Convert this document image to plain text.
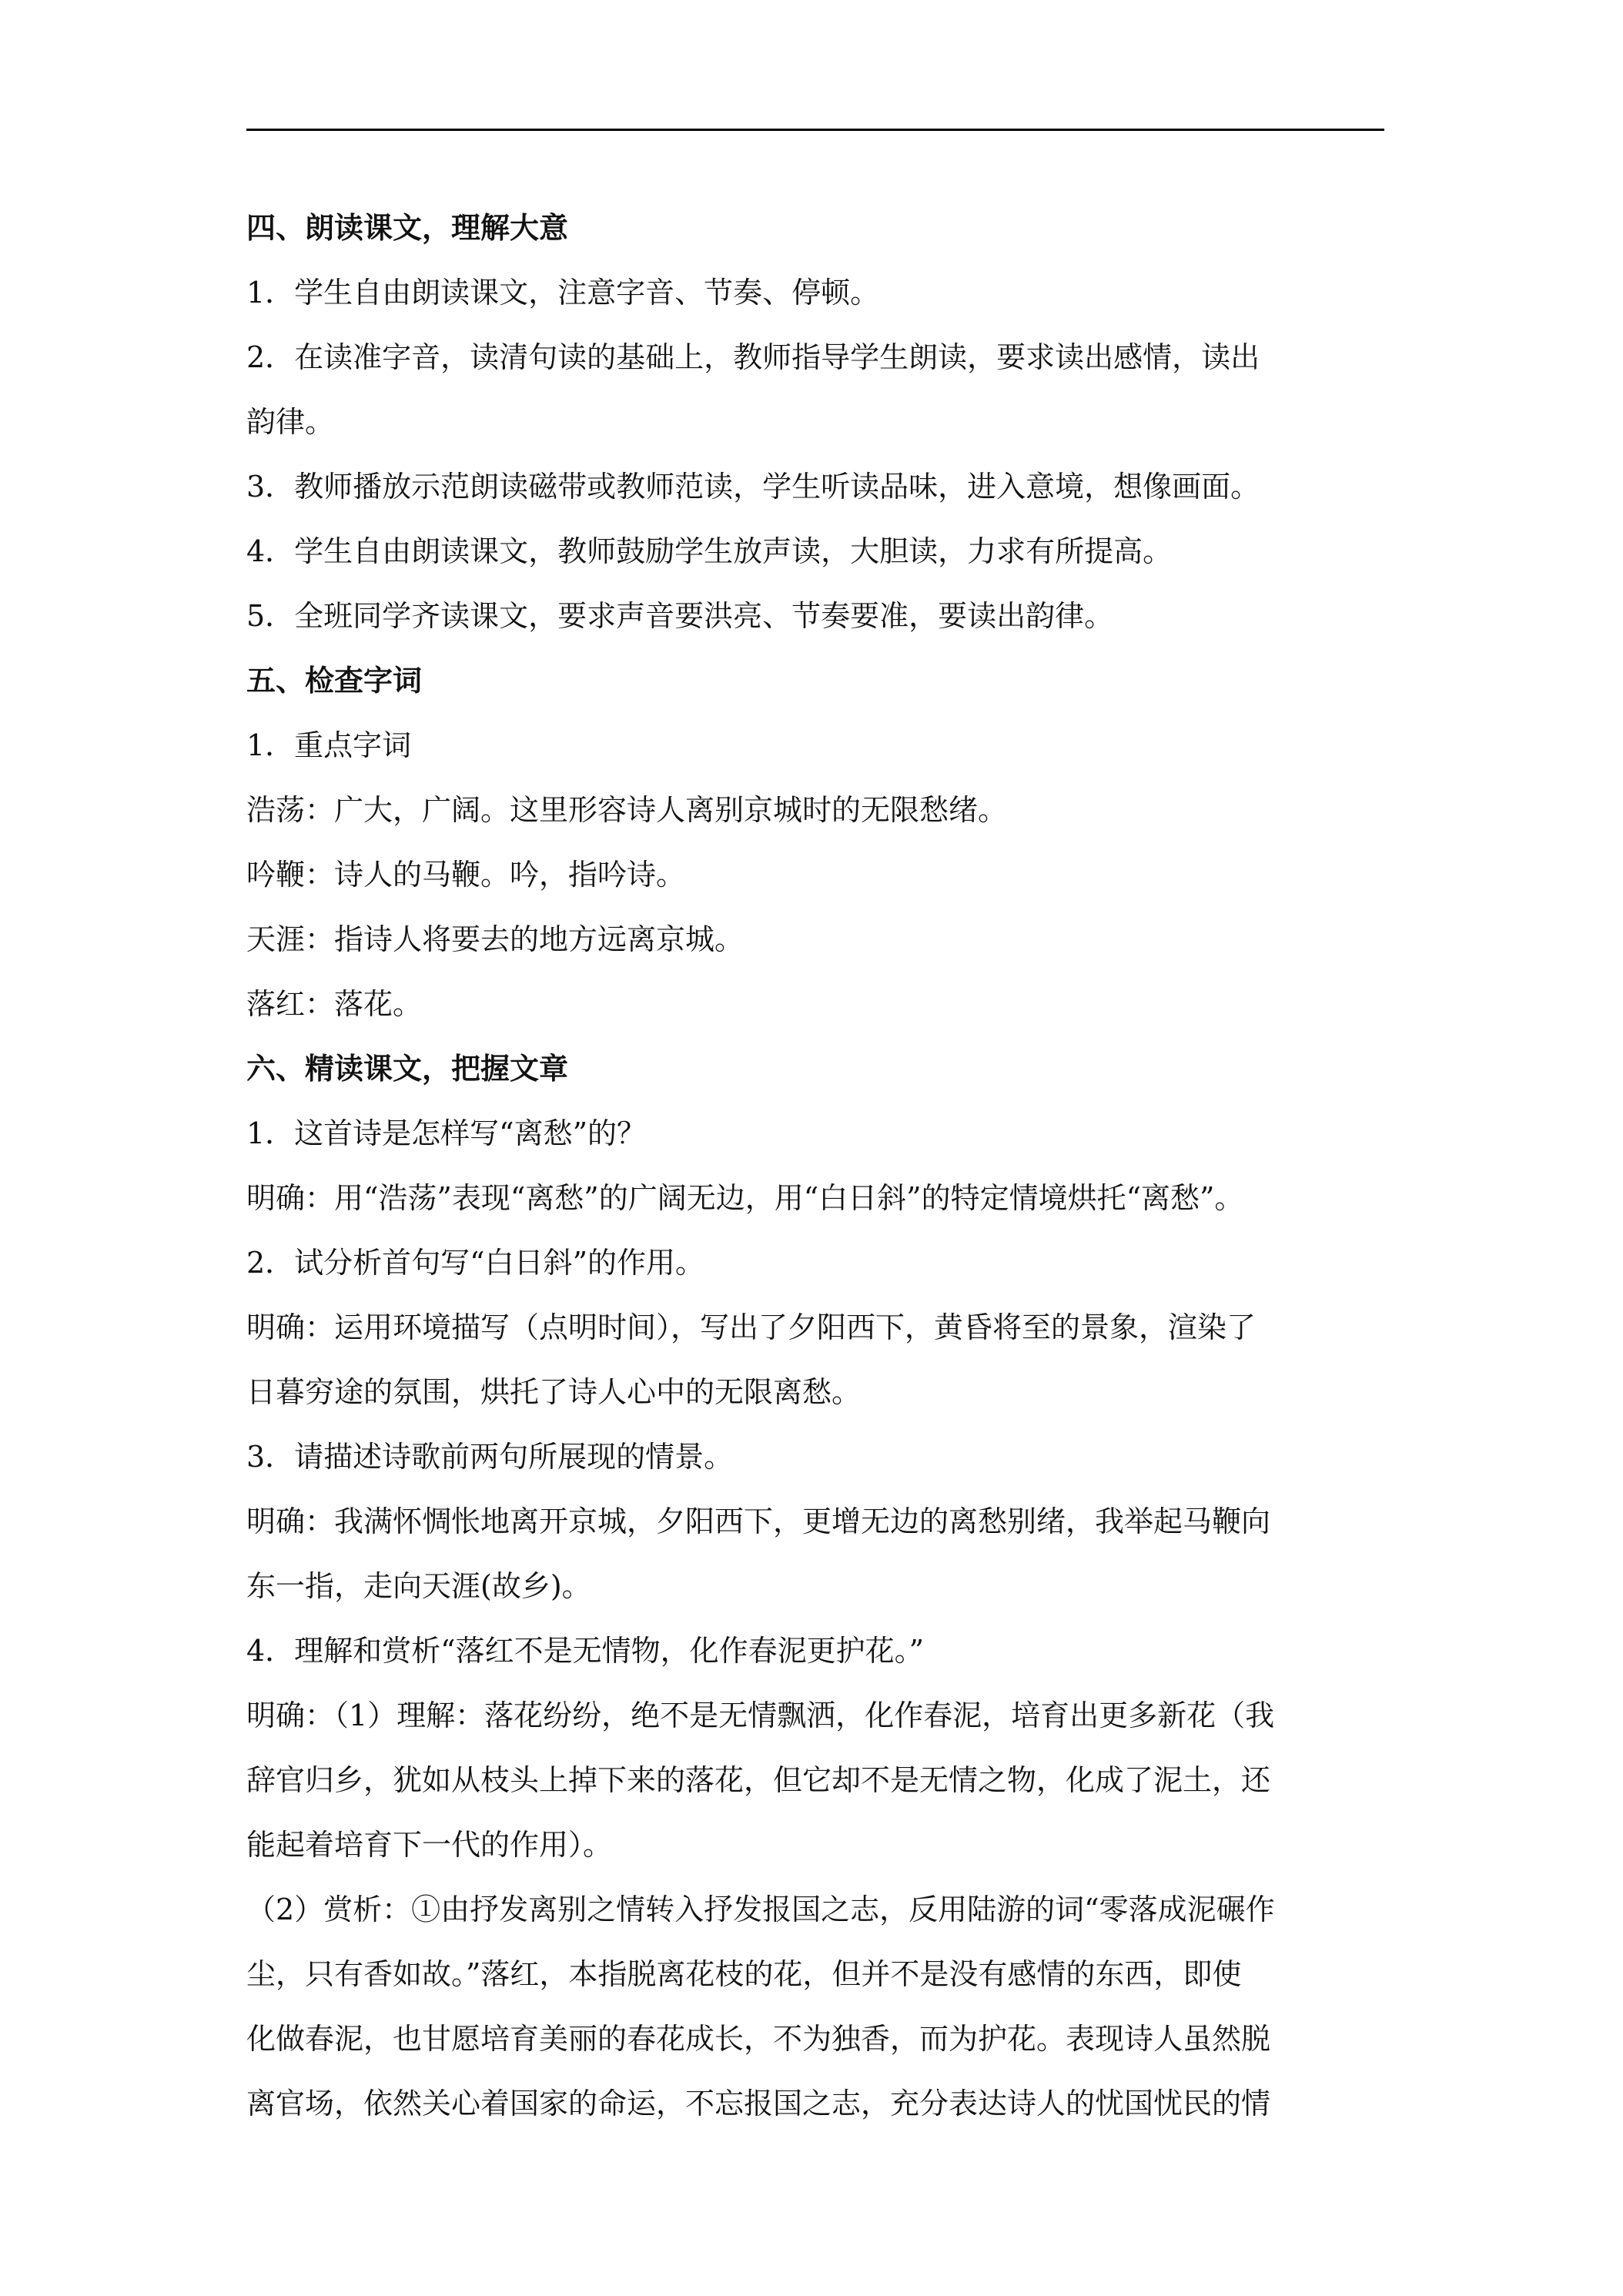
四、朗读课文，理解大意
1．学生自由朗读课文，注意字音、节奏、停顿。
2．在读准字音，读清句读的基础上，教师指导学生朗读，要求读出感情，读出
韵律。
3．教师播放示范朗读磁带或教师范读，学生听读品味，进入意境，想像画面。
4．学生自由朗读课文，教师鼓励学生放声读，大胆读，力求有所提高。
5．全班同学齐读课文，要求声音要洪亮、节奏要准，要读出韵律。
五、检查字词
1．重点字词
浩荡：广大，广阔。这里形容诗人离别京城时的无限愁绪。
吟鞭：诗人的马鞭。吟，指吟诗。
天涯：指诗人将要去的地方远离京城。
落红：落花。
六、精读课文，把握文章
1．这首诗是怎样写“离愁”的？
明确：用“浩荡”表现“离愁”的广阔无边，用“白日斜”的特定情境烘托“离愁”。
2．试分析首句写“白日斜”的作用。
明确：运用环境描写（点明时间），写出了夕阳西下，黄昏将至的景象，渲染了
日暮穷途的氛围，烘托了诗人心中的无限离愁。
3．请描述诗歌前两句所展现的情景。
明确：我满怀惆怅地离开京城，夕阳西下，更增无边的离愁别绪，我举起马鞭向
东一指，走向天涯(故乡)。
4．理解和赏析“落红不是无情物，化作春泥更护花。”
明确：（1）理解：落花纷纷，绝不是无情飘洒，化作春泥，培育出更多新花（我
辞官归乡，犹如从枝头上掉下来的落花，但它却不是无情之物，化成了泥土，还
能起着培育下一代的作用）。
（2）赏析：①由抒发离别之情转入抒发报国之志，反用陆游的词“零落成泥碾作
尘，只有香如故。”落红，本指脱离花枝的花，但并不是没有感情的东西，即使
化做春泥，也甘愿培育美丽的春花成长，不为独香，而为护花。表现诗人虽然脱
离官场，依然关心着国家的命运，不忘报国之志，充分表达诗人的忧国忧民的情
